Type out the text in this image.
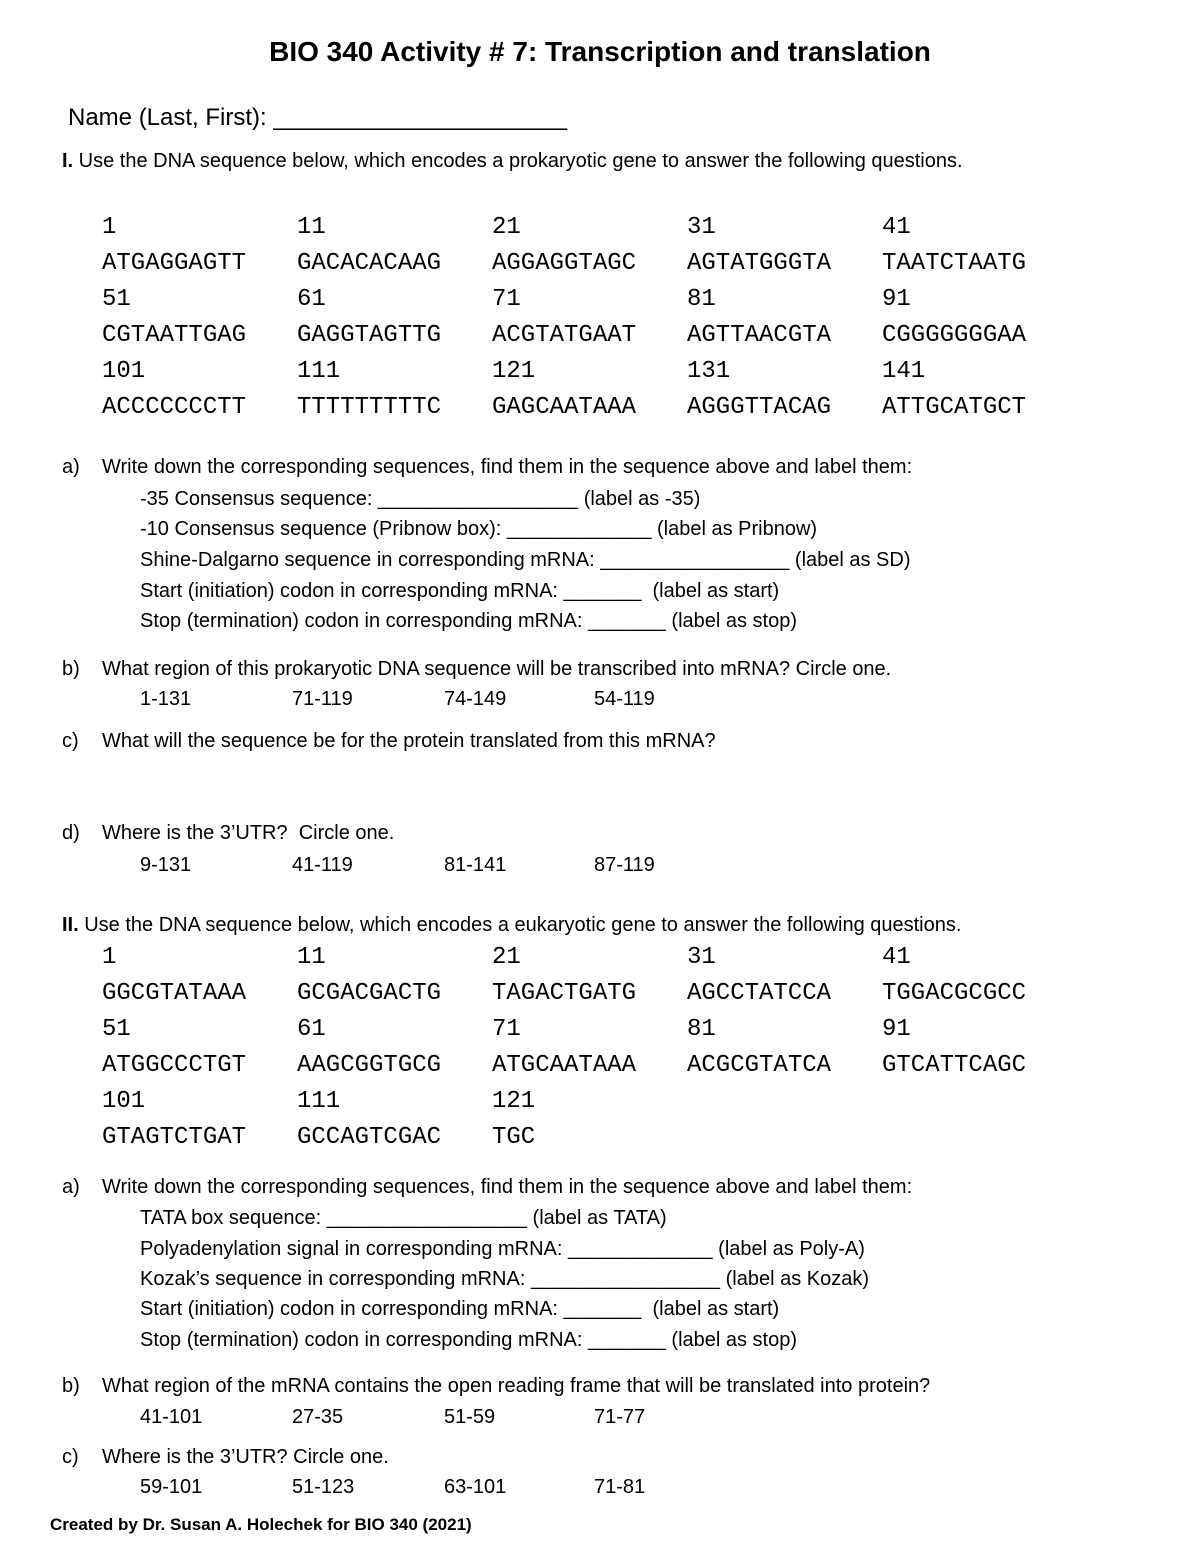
BIO 340 Activity # 7: Transcription and translation
Name (Last, First): ______________________
I. Use the DNA sequence below, which encodes a prokaryotic gene to answer the following questions.
1	11	21	31	41
ATGAGGAGTT GACACACAAG AGGAGGTAGC AGTATGGGTA TAATCTAATG
51	61	71	81	91
CGTAATTGAG GAGGTAGTTG ACGTATGAAT AGTTAACGTA CGGGGGGGAA
101	111	121	131	141
ACCCCCCCTT TTTTTTTTTC GAGCAATAAA AGGGTTACAG ATTGCATGCT
a) Write down the corresponding sequences, find them in the sequence above and label them:
-35 Consensus sequence: __________________ (label as -35)
-10 Consensus sequence (Pribnow box): _____________ (label as Pribnow)
Shine-Dalgarno sequence in corresponding mRNA: _________________ (label as SD)
Start (initiation) codon in corresponding mRNA: _______  (label as start)
Stop (termination) codon in corresponding mRNA: _______ (label as stop)
b) What region of this prokaryotic DNA sequence will be transcribed into mRNA? Circle one.
1-131	71-119	74-149	54-119
c) What will the sequence be for the protein translated from this mRNA?
d) Where is the 3’UTR?  Circle one.
9-131	41-119	81-141	87-119
II. Use the DNA sequence below, which encodes a eukaryotic gene to answer the following questions.
1	11	21	31	41
GGCGTATAAA GCGACGACTG TAGACTGATG AGCCTATCCA TGGACGCGCC
51	61	71	81	91
ATGGCCCTGT AAGCGGTGCG ATGCAATAAA ACGCGTATCA GTCATTCAGC
101	111	121
GTAGTCTGAT GCCAGTCGAC TGC
a) Write down the corresponding sequences, find them in the sequence above and label them:
TATA box sequence: __________________ (label as TATA)
Polyadenylation signal in corresponding mRNA: _____________ (label as Poly-A)
Kozak’s sequence in corresponding mRNA: _________________ (label as Kozak)
Start (initiation) codon in corresponding mRNA: _______  (label as start)
Stop (termination) codon in corresponding mRNA: _______ (label as stop)
b) What region of the mRNA contains the open reading frame that will be translated into protein?
41-101	27-35	51-59	71-77
c) Where is the 3’UTR? Circle one.
59-101	51-123	63-101	71-81
Created by Dr. Susan A. Holechek for BIO 340 (2021)
